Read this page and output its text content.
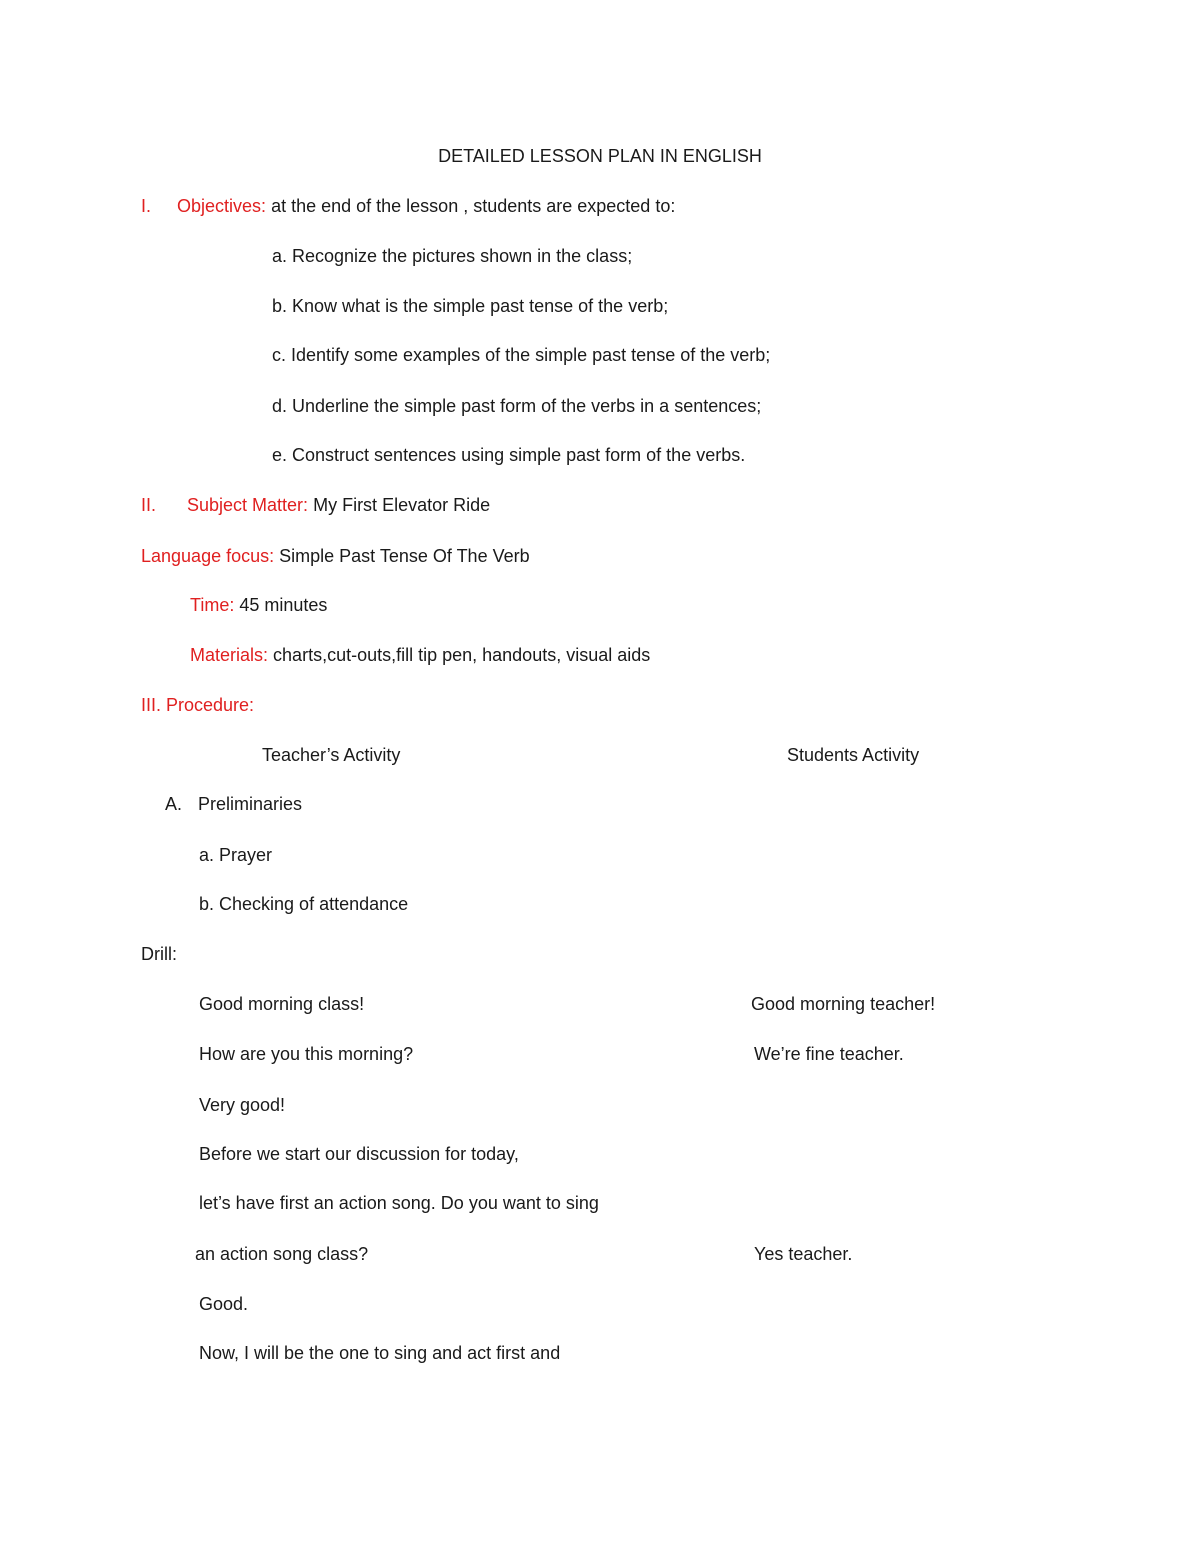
DETAILED LESSON PLAN IN ENGLISH

I. Objectives: at the end of the lesson , students are expected to:

a. Recognize the pictures shown in the class;

b. Know what is the simple past tense of the verb;

c. Identify some examples of the simple past tense of the verb;

d. Underline the simple past form of the verbs in a sentences;

e. Construct sentences using simple past form of the verbs.

II. Subject Matter: My First Elevator Ride

Language focus: Simple Past Tense Of The Verb

Time: 45 minutes

Materials: charts,cut-outs,fill tip pen, handouts, visual aids

III. Procedure:

Teacher’s Activity	Students Activity

A. Preliminaries

a. Prayer

b. Checking of attendance

Drill:

Good morning class!	Good morning teacher!

How are you this morning?	We’re fine teacher.

Very good!

Before we start our discussion for today,

let’s have first an action song. Do you want to sing

an action song class?	Yes teacher.

Good.

Now, I will be the one to sing and act first and
